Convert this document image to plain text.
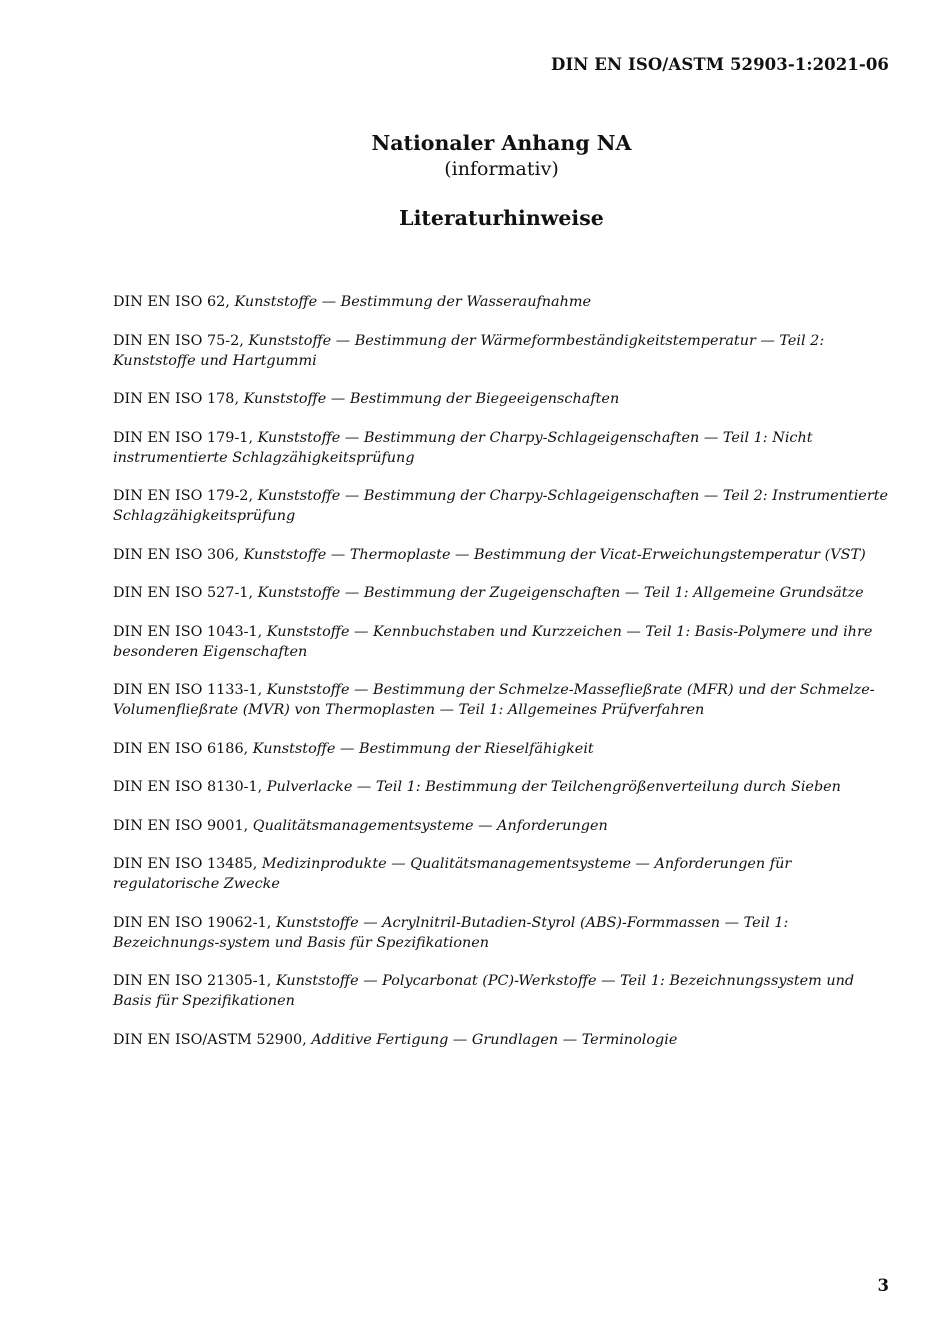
DIN EN ISO/ASTM 52903-1:2021-06
Nationaler Anhang NA
(informativ)
Literaturhinweise
DIN EN ISO 62, Kunststoffe — Bestimmung der Wasseraufnahme
DIN EN ISO 75-2, Kunststoffe — Bestimmung der Wärmeformbeständigkeitstemperatur — Teil 2: Kunststoffe und Hartgummi
DIN EN ISO 178, Kunststoffe — Bestimmung der Biegeeigenschaften
DIN EN ISO 179-1, Kunststoffe — Bestimmung der Charpy-Schlageigenschaften — Teil 1: Nicht instrumentierte Schlagzähigkeitsprüfung
DIN EN ISO 179-2, Kunststoffe — Bestimmung der Charpy-Schlageigenschaften — Teil 2: Instrumentierte Schlagzähigkeitsprüfung
DIN EN ISO 306, Kunststoffe — Thermoplaste — Bestimmung der Vicat-Erweichungstemperatur (VST)
DIN EN ISO 527-1, Kunststoffe — Bestimmung der Zugeigenschaften — Teil 1: Allgemeine Grundsätze
DIN EN ISO 1043-1, Kunststoffe — Kennbuchstaben und Kurzzeichen — Teil 1: Basis-Polymere und ihre besonderen Eigenschaften
DIN EN ISO 1133-1, Kunststoffe — Bestimmung der Schmelze-Massefließrate (MFR) und der Schmelze-Volumenfließrate (MVR) von Thermoplasten — Teil 1: Allgemeines Prüfverfahren
DIN EN ISO 6186, Kunststoffe — Bestimmung der Rieselfähigkeit
DIN EN ISO 8130-1, Pulverlacke — Teil 1: Bestimmung der Teilchengrößenverteilung durch Sieben
DIN EN ISO 9001, Qualitätsmanagementsysteme — Anforderungen
DIN EN ISO 13485, Medizinprodukte — Qualitätsmanagementsysteme — Anforderungen für regulatorische Zwecke
DIN EN ISO 19062-1, Kunststoffe — Acrylnitril-Butadien-Styrol (ABS)-Formmassen — Teil 1: Bezeichnungs-system und Basis für Spezifikationen
DIN EN ISO 21305-1, Kunststoffe — Polycarbonat (PC)-Werkstoffe — Teil 1: Bezeichnungssystem und Basis für Spezifikationen
DIN EN ISO/ASTM 52900, Additive Fertigung — Grundlagen — Terminologie
3
